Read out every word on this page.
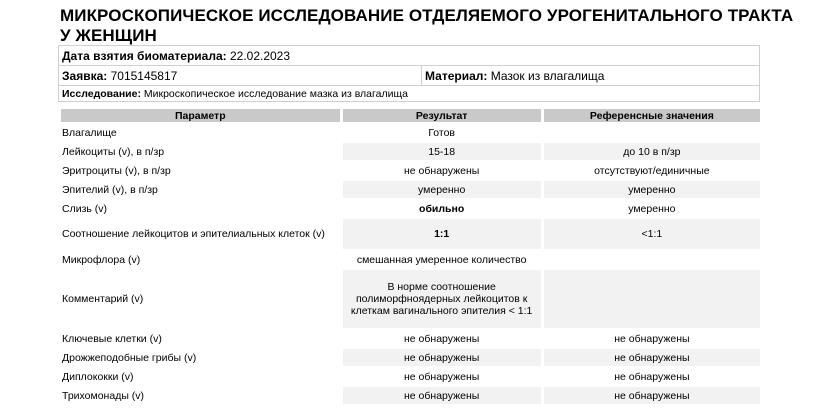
МИКРОСКОПИЧЕСКОЕ ИССЛЕДОВАНИЕ ОТДЕЛЯЕМОГО УРОГЕНИТАЛЬНОГО ТРАКТА У ЖЕНЩИН
Дата взятия биоматериала: 22.02.2023
Заявка: 7015145817	Материал: Мазок из влагалища
Исследование: Микроскопическое исследование мазка из влагалища
Параметр	Результат	Референсные значения
Влагалище	Готов	
Лейкоциты (v), в п/зр	15-18	до 10 в п/зр
Эритроциты (v), в п/зр	не обнаружены	отсутствуют/единичные
Эпителий (v), в п/зр	умеренно	умеренно
Слизь (v)	обильно	умеренно
Соотношение лейкоцитов и эпителиальных клеток (v)	1:1	<1:1
Микрофлора (v)	смешанная умеренное количество	
Комментарий (v)	В норме соотношение полиморфноядерных лейкоцитов к клеткам вагинального эпителия < 1:1	
Ключевые клетки (v)	не обнаружены	не обнаружены
Дрожжеподобные грибы (v)	не обнаружены	не обнаружены
Диплококки (v)	не обнаружены	не обнаружены
Трихомонады (v)	не обнаружены	не обнаружены
